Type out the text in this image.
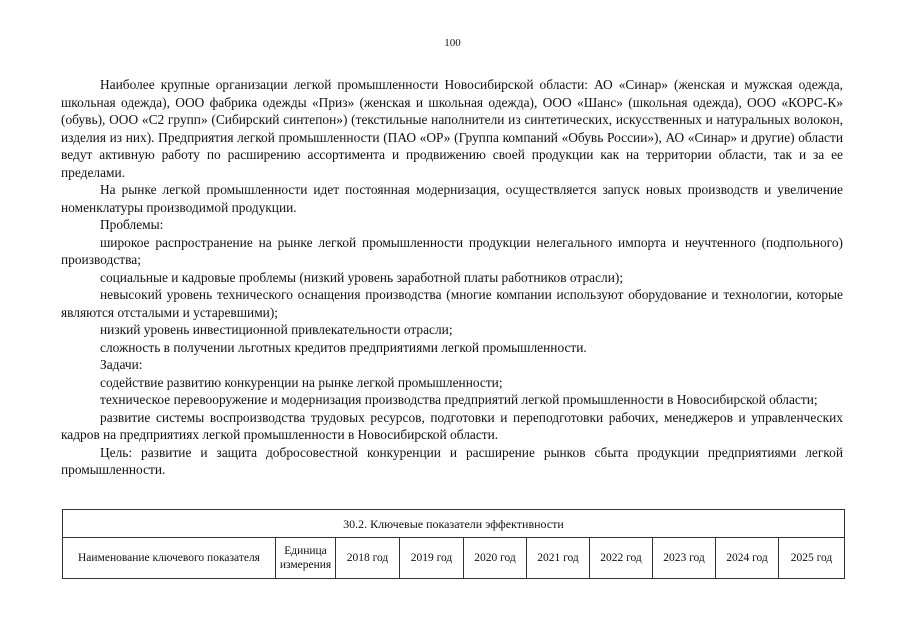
100

Наиболее крупные организации легкой промышленности Новосибирской области: АО «Синар» (женская и мужская одежда, школьная одежда), ООО фабрика одежды «Приз» (женская и школьная одежда), ООО «Шанс» (школьная одежда), ООО «КОРС-К» (обувь), ООО «С2 групп» (Сибирский синтепон») (текстильные наполнители из синтетических, искусственных и натуральных волокон, изделия из них). Предприятия легкой промышленности (ПАО «ОР» (Группа компаний «Обувь России»), АО «Синар» и другие) области ведут активную работу по расширению ассортимента и продвижению своей продукции как на территории области, так и за ее пределами.

На рынке легкой промышленности идет постоянная модернизация, осуществляется запуск новых производств и увеличение номенклатуры производимой продукции.

Проблемы:

широкое распространение на рынке легкой промышленности продукции нелегального импорта и неучтенного (подпольного) производства;

социальные и кадровые проблемы (низкий уровень заработной платы работников отрасли);

невысокий уровень технического оснащения производства (многие компании используют оборудование и технологии, которые являются отсталыми и устаревшими);

низкий уровень инвестиционной привлекательности отрасли;

сложность в получении льготных кредитов предприятиями легкой промышленности.

Задачи:

содействие развитию конкуренции на рынке легкой промышленности;

техническое перевооружение и модернизация производства предприятий легкой промышленности в Новосибирской области;

развитие системы воспроизводства трудовых ресурсов, подготовки и переподготовки рабочих, менеджеров и управленческих кадров на предприятиях легкой промышленности в Новосибирской области.

Цель: развитие и защита добросовестной конкуренции и расширение рынков сбыта продукции предприятиями легкой промышленности.

30.2. Ключевые показатели эффективности
Наименование ключевого показателя	Единица измерения	2018 год	2019 год	2020 год	2021 год	2022 год	2023 год	2024 год	2025 год
